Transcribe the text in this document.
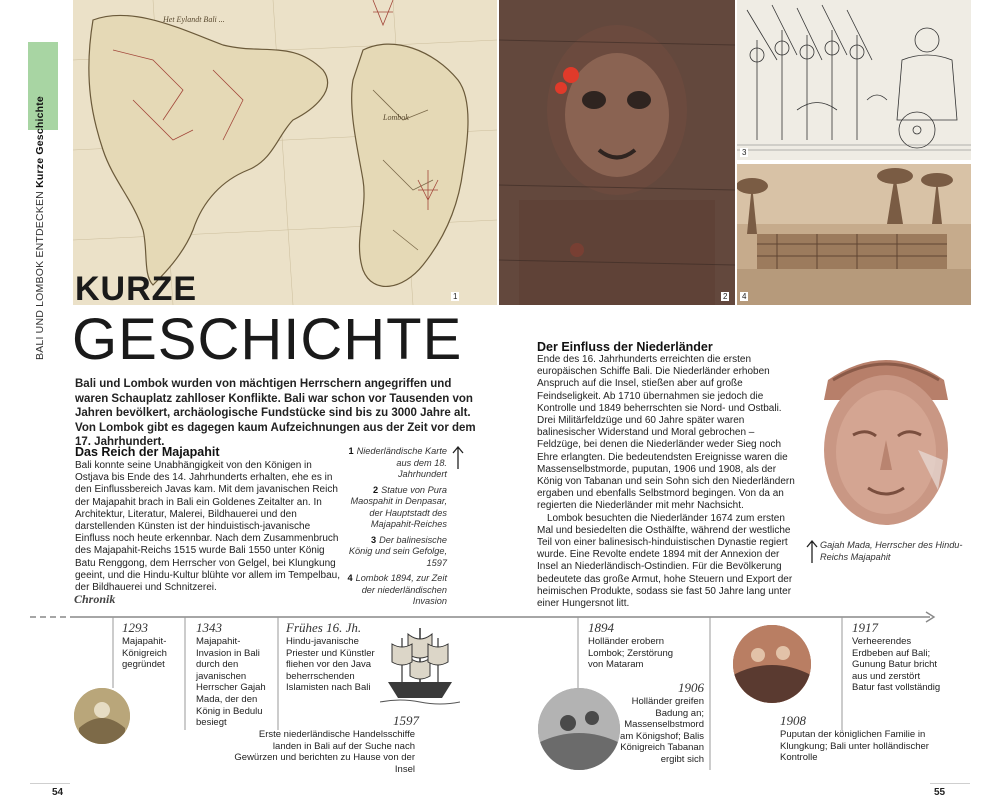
BALI UND LOMBOK ENTDECKEN Kurze Geschichte
Het Eylandt Bali ...
Lombok
1	2
3
4
KURZE
GESCHICHTE

Bali und Lombok wurden von mächtigen Herrschern angegriffen und waren Schauplatz zahlloser Konflikte. Bali war schon vor Tausenden von Jahren bevölkert, archäologische Fundstücke sind bis zu 3000 Jahre alt. Von Lombok gibt es dagegen kaum Aufzeichnungen aus der Zeit vor dem 17. Jahrhundert.

Das Reich der Majapahit

Bali konnte seine Unabhängigkeit von den Königen in Ostjava bis Ende des 14. Jahrhunderts erhalten, ehe es in den Einflussbereich Javas kam. Mit dem javanischen Reich der Majapahit brach in Bali ein Goldenes Zeitalter an. In Architektur, Literatur, Malerei, Bildhauerei und den darstellenden Künsten ist der hinduistisch-javanische Einfluss noch heute erkennbar. Nach dem Zusammenbruch des Majapahit-Reichs 1515 wurde Bali 1550 unter König Batu Renggong, dem Herrscher von Gelgel, bei Klungkung geeint, und die Hindu-Kultur blühte vor allem im Tempelbau, der Bildhauerei und Schnitzerei.

1 Niederländische Karte aus dem 18. Jahrhundert
2 Statue von Pura Maospahit in Denpasar, der Hauptstadt des Majapahit-Reiches
3 Der balinesische König und sein Gefolge, 1597
4 Lombok 1894, zur Zeit der niederländischen Invasion

Der Einfluss der Niederländer

Ende des 16. Jahrhunderts erreichten die ersten europäischen Schiffe Bali. Die Niederländer erhoben Anspruch auf die Insel, stießen aber auf große Feindseligkeit. Ab 1710 übernahmen sie jedoch die Kontrolle und 1849 beherrschten sie Nord- und Ostbali. Drei Militärfeldzüge und 60 Jahre später waren balinesischer Widerstand und Moral gebrochen – Feldzüge, bei denen die Niederländer weder Sieg noch Ehre erlangten. Die bedeutendsten Ereignisse waren die Massenselbstmorde, puputan, 1906 und 1908, als der König von Tabanan und sein Sohn sich den Niederländern ergaben und ebenfalls Selbstmord begingen. Von da an regierten die Niederländer mit mehr Nachsicht.

Lombok besuchten die Niederländer 1674 zum ersten Mal und besiedelten die Osthälfte, während der westliche Teil von einer balinesisch-hinduistischen Dynastie regiert wurde. Eine Revolte endete 1894 mit der Annexion der Insel an Niederländisch-Ostindien. Für die Bevölkerung bedeutete das große Armut, hohe Steuern und Export der heimischen Produkte, sodass sie fast 50 Jahre lang unter einer Hungersnot litt.

Gajah Mada, Herrscher des Hindu-Reichs Majapahit
Chronik
1293
Majapahit-Königreich gegründet
1343
Majapahit-Invasion in Bali durch den javanischen Herrscher Gajah Mada, der den König in Bedulu besiegt
Frühes 16. Jh.
Hindu-javanische Priester und Künstler fliehen vor den Java beherrschenden Islamisten nach Bali
1597
Erste niederländische Handelsschiffe landen in Bali auf der Suche nach Gewürzen und berichten zu Hause von der Insel
1894
Holländer erobern Lombok; Zerstörung von Mataram
1906
Holländer greifen Badung an; Massenselbstmord am Königshof; Balis Königreich Tabanan ergibt sich
1908
Puputan der königlichen Familie in Klungkung; Bali unter holländischer Kontrolle
1917
Verheerendes Erdbeben auf Bali; Gunung Batur bricht aus und zerstört Batur fast vollständig
54	55
